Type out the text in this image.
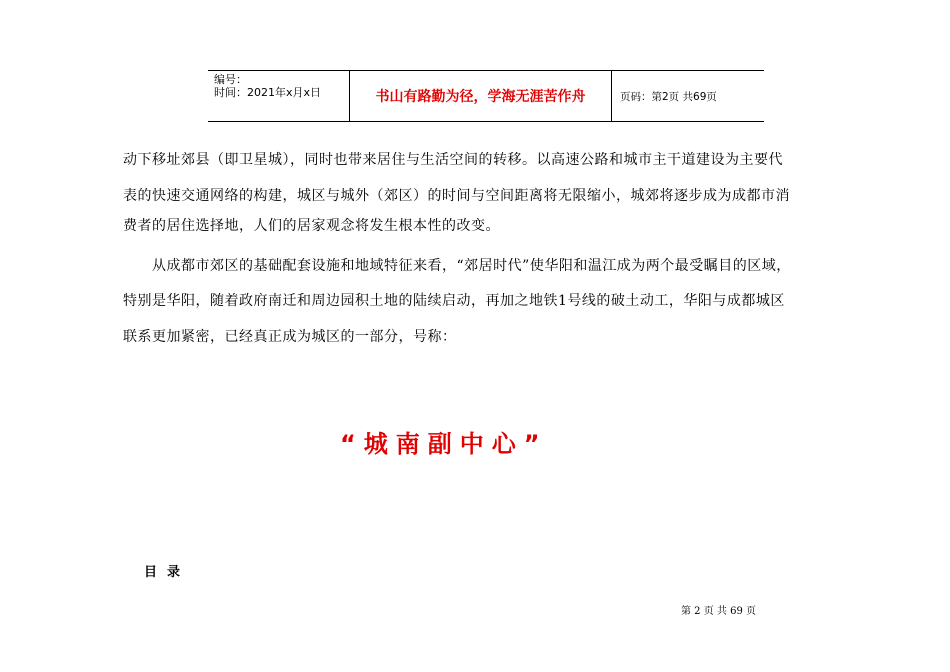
编号：
时间：2021年x月x日	书山有路勤为径，学海无涯苦作舟	页码：第2页 共69页
动下移址郊县（即卫星城），同时也带来居住与生活空间的转移。以高速公路和城市主干道建设为主要代
表的快速交通网络的构建，城区与城外（郊区）的时间与空间距离将无限缩小，城郊将逐步成为成都市消
费者的居住选择地，人们的居家观念将发生根本性的改变。
　　从成都市郊区的基础配套设施和地域特征来看，“郊居时代”使华阳和温江成为两个最受瞩目的区域，
特别是华阳，随着政府南迁和周边园积土地的陆续启动，再加之地铁1号线的破土动工，华阳与成都城区
联系更加紧密，已经真正成为城区的一部分，号称：
“城南副中心”
目录
第 2 页 共 69 页
